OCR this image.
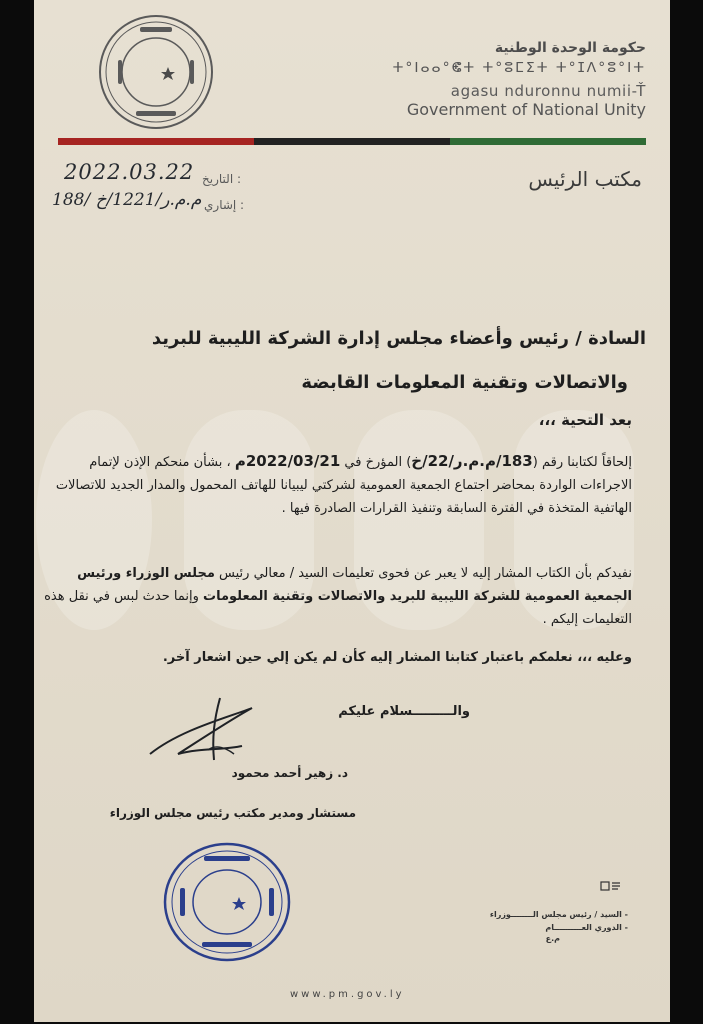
حكومة الوحدة الوطنية
ⵜ°ⵏⴰⴰ°ⵞⵜ ⵜ°ⵓⵎⵉⵜ ⵜ°ⵊⴷ°ⵓ°ⵏⵜ
agasu nduronnu numii-Ť
Government of National Unity
مكتب الرئيس
التاريخ :
2022.03.22
إشاري :
188/ م.م.ر/1221/خ
السادة / رئيس وأعضاء مجلس إدارة الشركة الليبية للبريد
والاتصالات وتقنية المعلومات القابضة
بعد التحية ،،،
إلحاقاً لكتابنا رقم (183/م.م.ر/22/خ) المؤرخ في 2022/03/21م ، بشأن منحكم الإذن لإتمام الاجراءات الواردة بمحاضر اجتماع الجمعية العمومية لشركتي ليبيانا للهاتف المحمول والمدار الجديد للاتصالات الهاتفية المتخذة في الفترة السابقة وتنفيذ القرارات الصادرة فيها .
نفيدكم بأن الكتاب المشار إليه لا يعبر عن فحوى تعليمات السيد / معالي رئيس مجلس الوزراء ورئيس الجمعية العمومية للشركة الليبية للبريد والاتصالات وتقنية المعلومات وإنما حدث لبس في نقل هذه التعليمات إليكم .
وعليه ،،، نعلمكم باعتبار كتابنا المشار إليه كأن لم يكن إلي حين اشعار آخر.
والـــــــــسلام عليكم
د. زهير أحمد محمود
مستشار ومدير مكتب رئيس مجلس الوزراء
- السيد / رئيس مجلس الــــــــوزراء
- الدوري العــــــــــام
م.ع
www.pm.gov.ly
